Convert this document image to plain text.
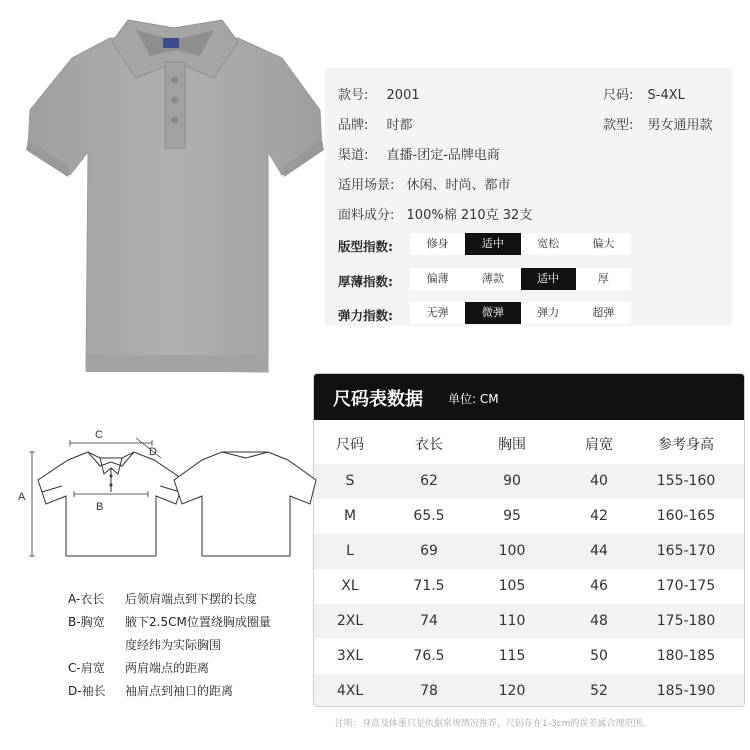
款号: 2001	尺码: S-4XL
品牌: 时都	款型: 男女通用款
渠道: 直播-团定-品牌电商
适用场景: 休闲、时尚、都市
面料成分: 100%棉 210克 32支
版型指数:	修身	适中	宽松	偏大
厚薄指数:	偏薄	薄款	适中	厚
弹力指数:	无弹	微弹	弹力	超弹
尺码表数据 单位: CM
尺码	衣长	胸围	肩宽	参考身高
S	62	90	40	155-160
M	65.5	95	42	160-165
L	69	100	44	165-170
XL	71.5	105	46	170-175
2XL	74	110	48	175-180
3XL	76.5	115	50	180-185
4XL	78	120	52	185-190
C
D
A
B
A-衣长 后领肩端点到下摆的长度
B-胸宽 腋下2.5CM位置绕胸成圈量
度经纬为实际胸围
C-肩宽 两肩端点的距离
D-袖长 袖肩点到袖口的距离
注明：身高及体重只是依据常规情况推荐，尺码存在1-3cm的误差属合理范围。
